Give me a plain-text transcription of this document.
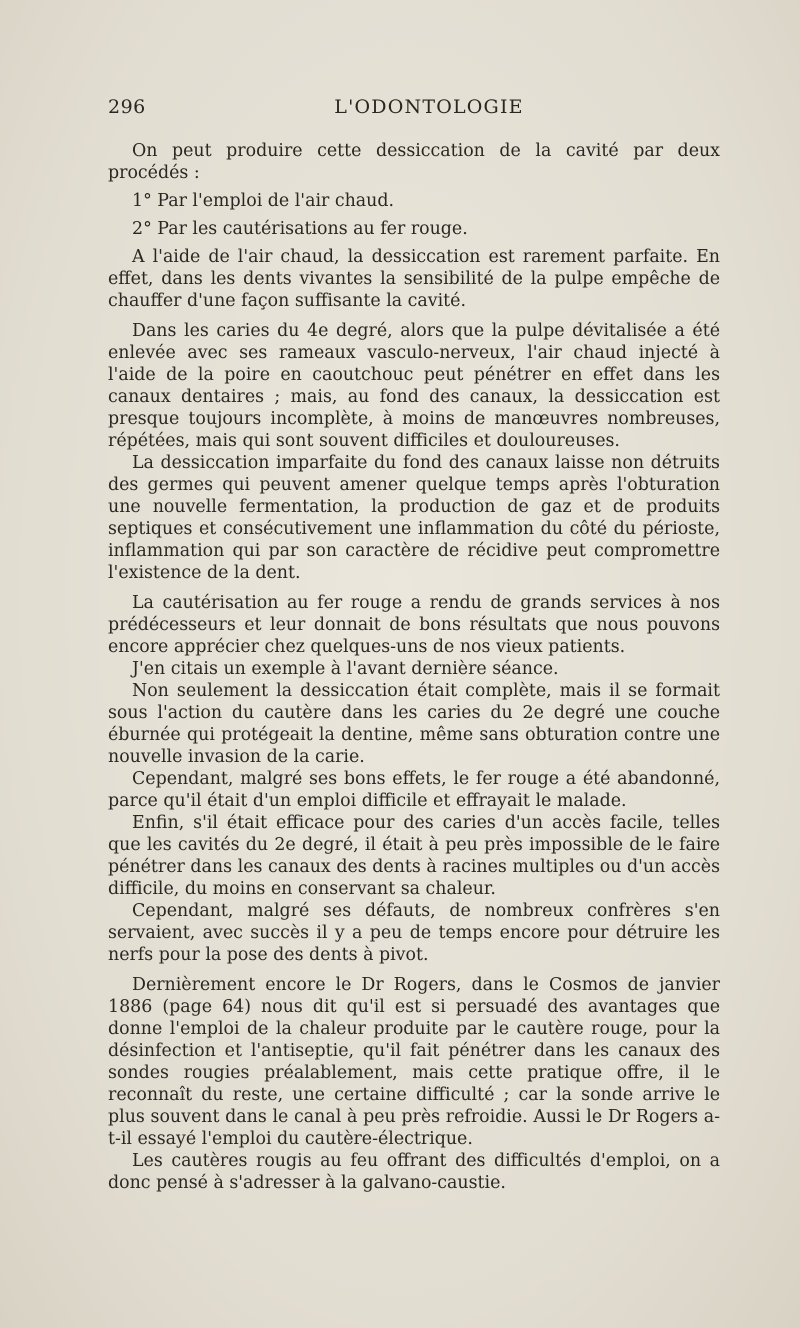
296	L'ODONTOLOGIE

On peut produire cette dessiccation de la cavité par deux procédés :

1° Par l'emploi de l'air chaud.

2° Par les cautérisations au fer rouge.

A l'aide de l'air chaud, la dessiccation est rarement parfaite. En effet, dans les dents vivantes la sensibilité de la pulpe empêche de chauffer d'une façon suffisante la cavité.

Dans les caries du 4e degré, alors que la pulpe dévitalisée a été enlevée avec ses rameaux vasculo-nerveux, l'air chaud injecté à l'aide de la poire en caoutchouc peut pénétrer en effet dans les canaux dentaires ; mais, au fond des canaux, la dessiccation est presque toujours incomplète, à moins de manœuvres nombreuses, répétées, mais qui sont souvent difficiles et douloureuses.

La dessiccation imparfaite du fond des canaux laisse non détruits des germes qui peuvent amener quelque temps après l'obturation une nouvelle fermentation, la production de gaz et de produits septiques et consécutivement une inflammation du côté du périoste, inflammation qui par son caractère de récidive peut compromettre l'existence de la dent.

La cautérisation au fer rouge a rendu de grands services à nos prédécesseurs et leur donnait de bons résultats que nous pouvons encore apprécier chez quelques-uns de nos vieux patients.

J'en citais un exemple à l'avant dernière séance.

Non seulement la dessiccation était complète, mais il se formait sous l'action du cautère dans les caries du 2e degré une couche éburnée qui protégeait la dentine, même sans obturation contre une nouvelle invasion de la carie.

Cependant, malgré ses bons effets, le fer rouge a été abandonné, parce qu'il était d'un emploi difficile et effrayait le malade.

Enfin, s'il était efficace pour des caries d'un accès facile, telles que les cavités du 2e degré, il était à peu près impossible de le faire pénétrer dans les canaux des dents à racines multiples ou d'un accès difficile, du moins en conservant sa chaleur.

Cependant, malgré ses défauts, de nombreux confrères s'en servaient, avec succès il y a peu de temps encore pour détruire les nerfs pour la pose des dents à pivot.

Dernièrement encore le Dr Rogers, dans le Cosmos de janvier 1886 (page 64) nous dit qu'il est si persuadé des avantages que donne l'emploi de la chaleur produite par le cautère rouge, pour la désinfection et l'antiseptie, qu'il fait pénétrer dans les canaux des sondes rougies préalablement, mais cette pratique offre, il le reconnaît du reste, une certaine difficulté ; car la sonde arrive le plus souvent dans le canal à peu près refroidie. Aussi le Dr Rogers a-t-il essayé l'emploi du cautère-électrique.

Les cautères rougis au feu offrant des difficultés d'emploi, on a donc pensé à s'adresser à la galvano-caustie.
